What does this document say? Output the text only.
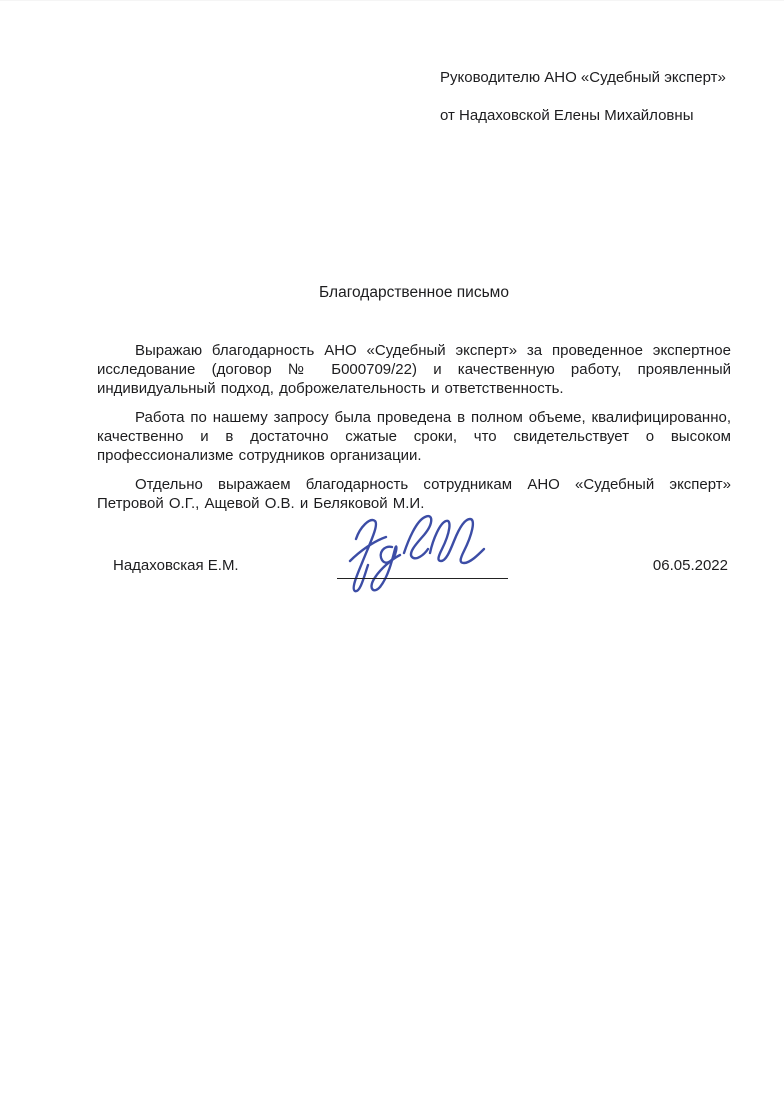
Руководителю АНО «Судебный эксперт»
от Надаховской Елены Михайловны
Благодарственное письмо

Выражаю благодарность АНО «Судебный эксперт» за проведенное экспертное исследование (договор № Б000709/22) и качественную работу, проявленный индивидуальный подход, доброжелательность и ответственность.

Работа по нашему запросу была проведена в полном объеме, квалифицированно, качественно и в достаточно сжатые сроки, что свидетельствует о высоком профессионализме сотрудников организации.

Отдельно выражаем благодарность сотрудникам АНО «Судебный эксперт» Петровой О.Г., Ащевой О.В. и Беляковой М.И.

Надаховская Е.М.	06.05.2022
